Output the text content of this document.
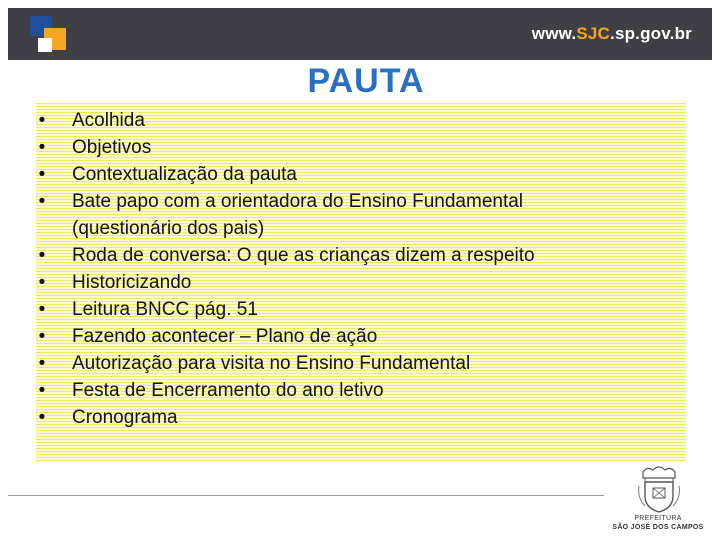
www.SJC.sp.gov.br
PAUTA
• Acolhida
• Objetivos
• Contextualização da pauta
• Bate papo com a orientadora do Ensino Fundamental
(questionário dos pais)
• Roda de conversa: O que as crianças dizem a respeito
• Historicizando
• Leitura BNCC pág. 51
• Fazendo acontecer – Plano de ação
• Autorização para visita no Ensino Fundamental
• Festa de Encerramento do ano letivo
• Cronograma
PREFEITURA
SÃO JOSÉ DOS CAMPOS
